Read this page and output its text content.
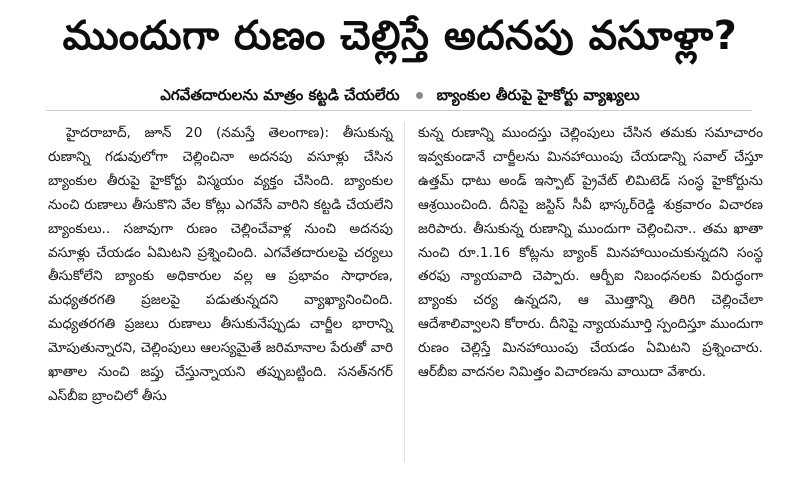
ముందుగా రుణం చెల్లిస్తే అదనపు వసూళ్లా?
ఎగవేతదారులను మాత్రం కట్టడి చేయలేరు బ్యాంకుల తీరుపై హైకోర్టు వ్యాఖ్యలు
హైదరాబాద్, జూన్ 20 (నమస్తే తెలంగాణ): తీసుకున్న రుణాన్ని గడువులోగా చెల్లించినా అదనపు వసూళ్లు చేసిన బ్యాంకుల తీరుపై హైకోర్టు విస్మయం వ్యక్తం చేసింది. బ్యాంకుల నుంచి రుణాలు తీసుకొని వేల కోట్లు ఎగవేసే వారిని కట్టడి చేయలేని బ్యాంకులు.. సజావుగా రుణం చెల్లించేవాళ్ల నుంచి అదనపు వసూళ్లు చేయడం ఏమిటని ప్రశ్నించింది. ఎగవేతదారులపై చర్యలు తీసుకోలేని బ్యాంకు అధికారుల వల్ల ఆ ప్రభావం సాధారణ, మధ్యతరగతి ప్రజలపై పడుతున్నదని వ్యాఖ్యానించింది. మధ్యతరగతి ప్రజలు రుణాలు తీసుకునేప్పుడు చార్జీల భారాన్ని మోపుతున్నారని, చెల్లింపులు ఆలస్యమైతే జరిమానాల పేరుతో వారి ఖాతాల నుంచి జప్తు చేస్తున్నాయని తప్పుబట్టింది. సనత్‌నగర్ ఎస్‌బీఐ బ్రాంచిలో తీసు
కున్న రుణాన్ని ముందస్తు చెల్లింపులు చేసిన తమకు సమాచారం ఇవ్వకుండానే చార్జీలను మినహాయింపు చేయడాన్ని సవాల్ చేస్తూ ఉత్తమ్ ధాటు అండ్ ఇస్పాట్ ప్రైవేట్ లిమిటెడ్ సంస్థ హైకోర్టును ఆశ్రయించింది. దీనిపై జస్టిస్ సీవీ భాస్కర్‌రెడ్డి శుక్రవారం విచారణ జరిపారు. తీసుకున్న రుణాన్ని ముందుగా చెల్లించినా.. తమ ఖాతా నుంచి రూ.1.16 కోట్లను బ్యాంక్ మినహాయించుకున్నదని సంస్థ తరఫు న్యాయవాది చెప్పారు. ఆర్బీఐ నిబంధనలకు విరుద్ధంగా బ్యాంకు చర్య ఉన్నదని, ఆ మొత్తాన్ని తిరిగి చెల్లించేలా ఆదేశాలివ్వాలని కోరారు. దీనిపై న్యాయమూర్తి స్పందిస్తూ ముందుగా రుణం చెల్లిస్తే మినహాయింపు చేయడం ఏమిటని ప్రశ్నించారు. ఆర్‌బీఐ వాదనల నిమిత్తం విచారణను వాయిదా వేశారు.
